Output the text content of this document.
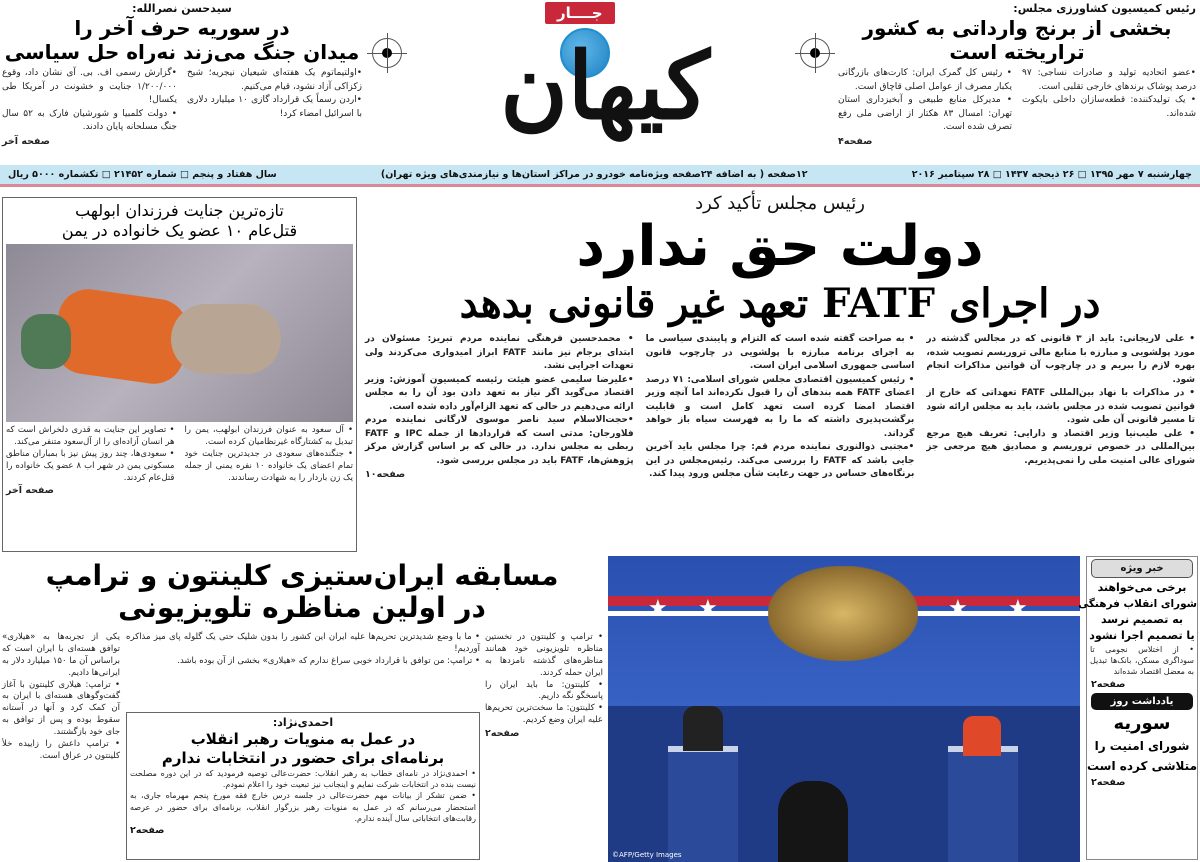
سیدحسن نصرالله:
در سوریه حرف آخر را
میدان جنگ می‌زند نه‌راه حل سیاسی

•اولتیماتوم یک هفته‌ای شیعیان نیجریه؛ شیخ زکزاکی آزاد نشود، قیام می‌کنیم.

•اردن رسماً یک قرارداد گازی ۱۰ میلیارد دلاری با اسرائیل امضاء کرد!

•گزارش رسمی اف. بی. آی نشان داد، وقوع ۱/۲۰۰/۰۰۰ جنایت و خشونت در آمریکا طی یکسال!

• دولت کلمبیا و شورشیان فارک به ۵۲ سال جنگ مسلحانه پایان دادند.

صفحه آخر
جــــار
کیهان
رئیس کمیسیون کشاورزی مجلس:
بخشی از برنج وارداتی به کشور
تراریخته است

•عضو اتحادیه تولید و صادرات نساجی: ۹۷ درصد پوشاک برندهای خارجی تقلبی است.

• یک تولیدکننده: قطعه‌سازان داخلی بایکوت شده‌اند.

• رئیس کل گمرک ایران: کارت‌های بازرگانی یکبار مصرف از عوامل اصلی قاچاق است.

• مدیرکل منابع طبیعی و آبخیزداری استان تهران: امسال ۸۳ هکتار از اراضی ملی رفع تصرف شده است.

صفحه۴
چهارشنبه ۷ مهر ۱۳۹۵ □ ۲۶ ذیحجه ۱۴۳۷ □ ۲۸ سپتامبر ۲۰۱۶
۱۲صفحه ( به اضافه ۲۴صفحه ویژه‌نامه خودرو در مراکز استان‌ها و نیازمندی‌های ویژه تهران)
سال هفتاد و پنجم □ شماره ۲۱۴۵۲ □ تکشماره ۵۰۰۰ ریال
تازه‌ترین جنایت فرزندان ابولهب
قتل‌عام ۱۰ عضو یک خانواده در یمن

• آل سعود به عنوان فرزندان ابولهب، یمن را تبدیل به کشتارگاه غیرنظامیان کرده است.

• جنگنده‌های سعودی در جدیدترین جنایت خود تمام اعضای یک خانواده ۱۰ نفره یمنی از جمله یک زن باردار را به شهادت رساندند.

• تصاویر این جنایت به قدری دلخراش است که هر انسان آزاده‌ای را از آل‌سعود متنفر می‌کند.

• سعودی‌ها، چند روز پیش نیز با بمباران مناطق مسکونی یمن در شهر اب ۸ عضو یک خانواده را قتل‌عام کردند.

صفحه آخر
رئیس مجلس تأکید کرد
دولت حق ندارد
در اجرای FATF تعهد غیر قانونی بدهد

• علی لاریجانی: باید از ۳ قانونی که در مجالس گذشته در مورد پولشویی و مبارزه با منابع مالی تروریسم تصویب شده، بهره لازم را ببریم و در چارچوب آن قوانین مذاکرات انجام شود.

• در مذاکرات با نهاد بین‌المللی FATF تعهداتی که خارج از قوانین تصویب شده در مجلس باشد، باید به مجلس ارائه شود تا مسیر قانونی آن طی شود.

• علی طیب‌نیا وزیر اقتصاد و دارایی: تعریف هیچ مرجع بین‌المللی در خصوص تروریسم و مصادیق هیچ مرجعی جز شورای عالی امنیت ملی را نمی‌پذیریم.

• به صراحت گفته شده است که التزام و پایبندی سیاسی ما به اجرای برنامه مبارزه با پولشویی در چارچوب قانون اساسی جمهوری اسلامی ایران است.

• رئیس کمیسیون اقتصادی مجلس شورای اسلامی: ۷۱ درصد اعضای FATF همه بندهای آن را قبول نکرده‌اند اما آنچه وزیر اقتصاد امضا کرده است تعهد کامل است و قابلیت برگشت‌پذیری داشته که ما را به فهرست سیاه باز خواهد گرداند.

•مجتبی ذوالنوری نماینده مردم قم: چرا مجلس باید آخرین جایی باشد که FATF را بررسی می‌کند. رئیس‌مجلس در این برنگاه‌های حساس در جهت رعایت شأن مجلس ورود پیدا کند.

• محمدحسین فرهنگی نماینده مردم تبریز: مسئولان در ابتدای برجام نیز مانند FATF ابراز امیدواری می‌کردند ولی تعهدات اجرایی نشد.

•علیرضا سلیمی عضو هیئت رئیسه کمیسیون آموزش: وزیر اقتصاد می‌گوید اگر نیاز به تعهد دادن بود آن را به مجلس ارائه می‌دهیم در حالی که تعهد الزام‌آور داده شده است.

•حجت‌الاسلام سید ناصر موسوی لارگانی نماینده مردم فلاورجان: مدتی است که قراردادها از جمله IPC و FATF ربطی به مجلس ندارد. در حالی که بر اساس گزارش مرکز پژوهش‌ها، FATF باید در مجلس بررسی شود.

صفحه۱۰
مسابقه ایران‌ستیزی کلینتون و ترامپ
در اولین مناظره تلویزیونی

یکی از تجربه‌ها به «هیلاری» توافق هسته‌ای با ایران است که براساس آن ما ۱۵۰ میلیارد دلار به ایرانی‌ها دادیم.

• ترامپ: هیلاری کلینتون با آغاز گفت‌وگوهای هسته‌ای با ایران به آن کمک کرد و آنها در آستانه سقوط بوده و پس از توافق به جای خود بازگشتند.

• ترامپ داعش را زاییده خلأ کلینتون در عراق است.

• ما با وضع شدیدترین تحریم‌ها علیه ایران این کشور را بدون شلیک حتی یک گلوله پای میز مذاکره آوردیم!

• ترامپ: من توافق با قرارداد خوبی سراغ ندارم که «هیلاری» بخشی از آن بوده باشد.

• ترامپ و کلینتون در نخستین مناظره تلویزیونی خود همانند مناظره‌های گذشته نامزدها به ایران حمله کردند.

• کلینتون: ما باید ایران را پاسخگو نگه داریم.

• کلینتون: ما سخت‌ترین تحریم‌ها علیه ایران وضع کردیم.

صفحه۲
احمدی‌نژاد:
در عمل به منویات رهبر انقلاب
برنامه‌ای برای حضور در انتخابات ندارم

• احمدی‌نژاد در نامه‌ای خطاب به رهبر انقلاب: حضرت‌عالی توصیه فرمودید که در این دوره مصلحت نیست بنده در انتخابات شرکت نمایم و اینجانب نیز تبعیت خود را اعلام نمودم.

• ضمن تشکر از بیانات مهم حضرت‌عالی در جلسه درس خارج فقه مورخ پنجم مهرماه جاری، به استحضار می‌رسانم که در عمل به منویات رهبر بزرگوار انقلاب، برنامه‌ای برای حضور در عرصه رقابت‌های انتخاباتی سال آینده ندارم.

صفحه۲
★ ★	★ ★
©AFP/Getty Images
خبر ویژه
برخی می‌خواهند
شورای انقلاب فرهنگی
به تصمیم نرسد
یا تصمیم اجرا نشود
• از اختلاس نجومی تا سوداگری مسکن، بانک‌ها تبدیل به معضل اقتصاد شده‌اند
صفحه۲
یادداشت روز
سوریه
شورای امنیت را
متلاشی کرده است
صفحه۲
